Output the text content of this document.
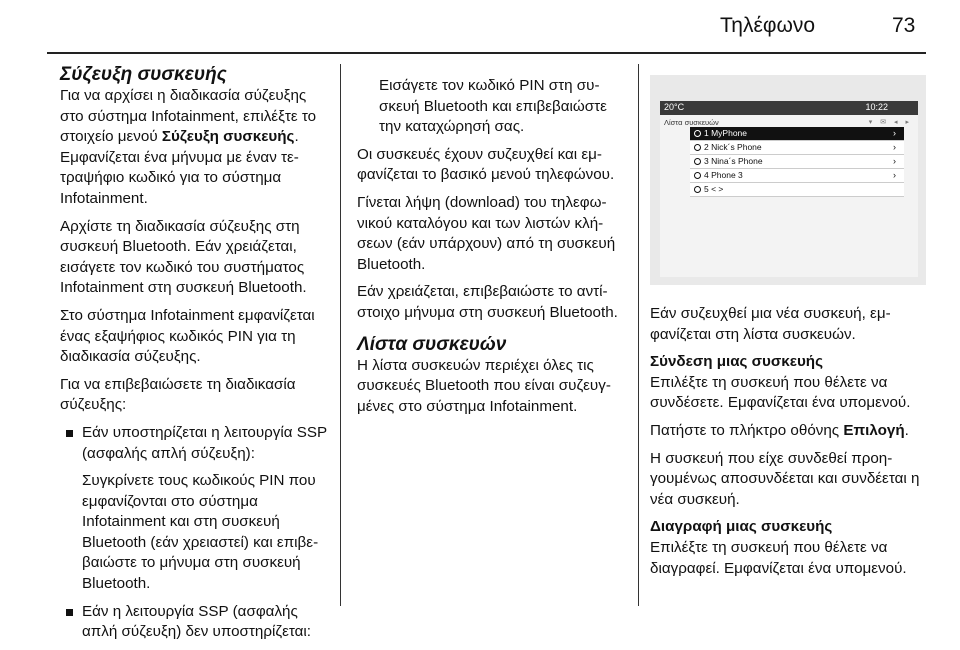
Τηλέφωνο	73
Σύζευξη συσκευής

Για να αρχίσει η διαδικασία σύζευξης στο σύστημα Infotainment, επιλέξτε το στοιχείο μενού Σύζευξη συσκευής. Εμφανίζεται ένα μήνυμα με έναν τετραψήφιο κωδικό για το σύστημα Infotainment.

Αρχίστε τη διαδικασία σύζευξης στη συσκευή Bluetooth. Εάν χρειάζεται, εισάγετε τον κωδικό του συστήματος Infotainment στη συσκευή Bluetooth.

Στο σύστημα Infotainment εμφανίζεται ένας εξαψήφιος κωδικός PIN για τη διαδικασία σύζευξης.

Για να επιβεβαιώσετε τη διαδικασία σύζευξης:

Εάν υποστηρίζεται η λειτουργία SSP (ασφαλής απλή σύζευξη):

Συγκρίνετε τους κωδικούς PIN που εμφανίζονται στο σύστημα Infotainment και στη συσκευή Bluetooth (εάν χρειαστεί) και επιβεβαιώστε το μήνυμα στη συσκευή Bluetooth.

Εάν η λειτουργία SSP (ασφαλής απλή σύζευξη) δεν υποστηρίζεται:

Εισάγετε τον κωδικό PIN στη συσκευή Bluetooth και επιβεβαιώστε την καταχώρησή σας.

Οι συσκευές έχουν συζευχθεί και εμφανίζεται το βασικό μενού τηλεφώνου.

Γίνεται λήψη (download) του τηλεφωνικού καταλόγου και των λιστών κλήσεων (εάν υπάρχουν) από τη συσκευή Bluetooth.

Εάν χρειάζεται, επιβεβαιώστε το αντίστοιχο μήνυμα στη συσκευή Bluetooth.

Λίστα συσκευών

Η λίστα συσκευών περιέχει όλες τις συσκευές Bluetooth που είναι συζευγμένες στο σύστημα Infotainment.

20°C	10:22
Λίστα συσκευών	▾ ✉ ◂ ▸
1 MyPhone	›
2 Nick´s Phone	›
3 Nina´s Phone	›
4 Phone 3	›
5 < >

Εάν συζευχθεί μια νέα συσκευή, εμφανίζεται στη λίστα συσκευών.

Σύνδεση μιας συσκευής

Επιλέξτε τη συσκευή που θέλετε να συνδέσετε. Εμφανίζεται ένα υπομενού.

Πατήστε το πλήκτρο οθόνης Επιλογή.

Η συσκευή που είχε συνδεθεί προηγουμένως αποσυνδέεται και συνδέεται η νέα συσκευή.

Διαγραφή μιας συσκευής

Επιλέξτε τη συσκευή που θέλετε να διαγραφεί. Εμφανίζεται ένα υπομενού.
